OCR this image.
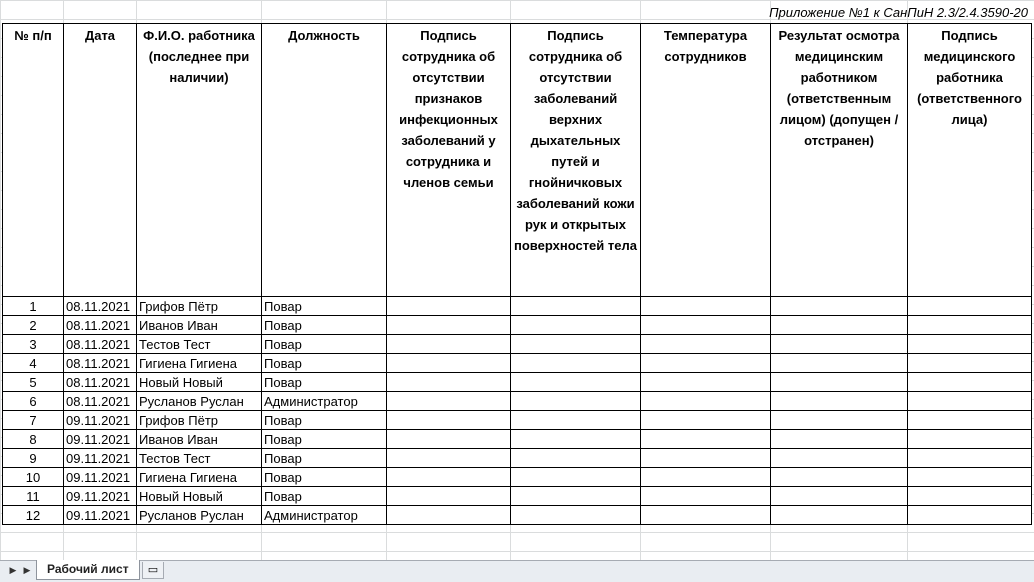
Приложение №1 к СанПиН 2.3/2.4.3590-20
№ п/п	Дата	Ф.И.О. работника (последнее при наличии)	Должность	Подпись сотрудника об отсутствии признаков инфекционных заболеваний у сотрудника и членов семьи	Подпись сотрудника об отсутствии заболеваний верхних дыхательных путей и гнойничковых заболеваний кожи рук и открытых поверхностей тела	Температура сотрудников	Результат осмотра медицинским работником (ответственным лицом) (допущен / отстранен)	Подпись медицинского работника (ответственного лица)
1	08.11.2021	Грифов Пётр	Повар					
2	08.11.2021	Иванов Иван	Повар					
3	08.11.2021	Тестов Тест	Повар					
4	08.11.2021	Гигиена Гигиена	Повар					
5	08.11.2021	Новый Новый	Повар					
6	08.11.2021	Русланов Руслан	Администратор					
7	09.11.2021	Грифов Пётр	Повар					
8	09.11.2021	Иванов Иван	Повар					
9	09.11.2021	Тестов Тест	Повар					
10	09.11.2021	Гигиена Гигиена	Повар					
11	09.11.2021	Новый Новый	Повар					
12	09.11.2021	Русланов Руслан	Администратор					
▶︎ ▶︎	Рабочий лист	▭
